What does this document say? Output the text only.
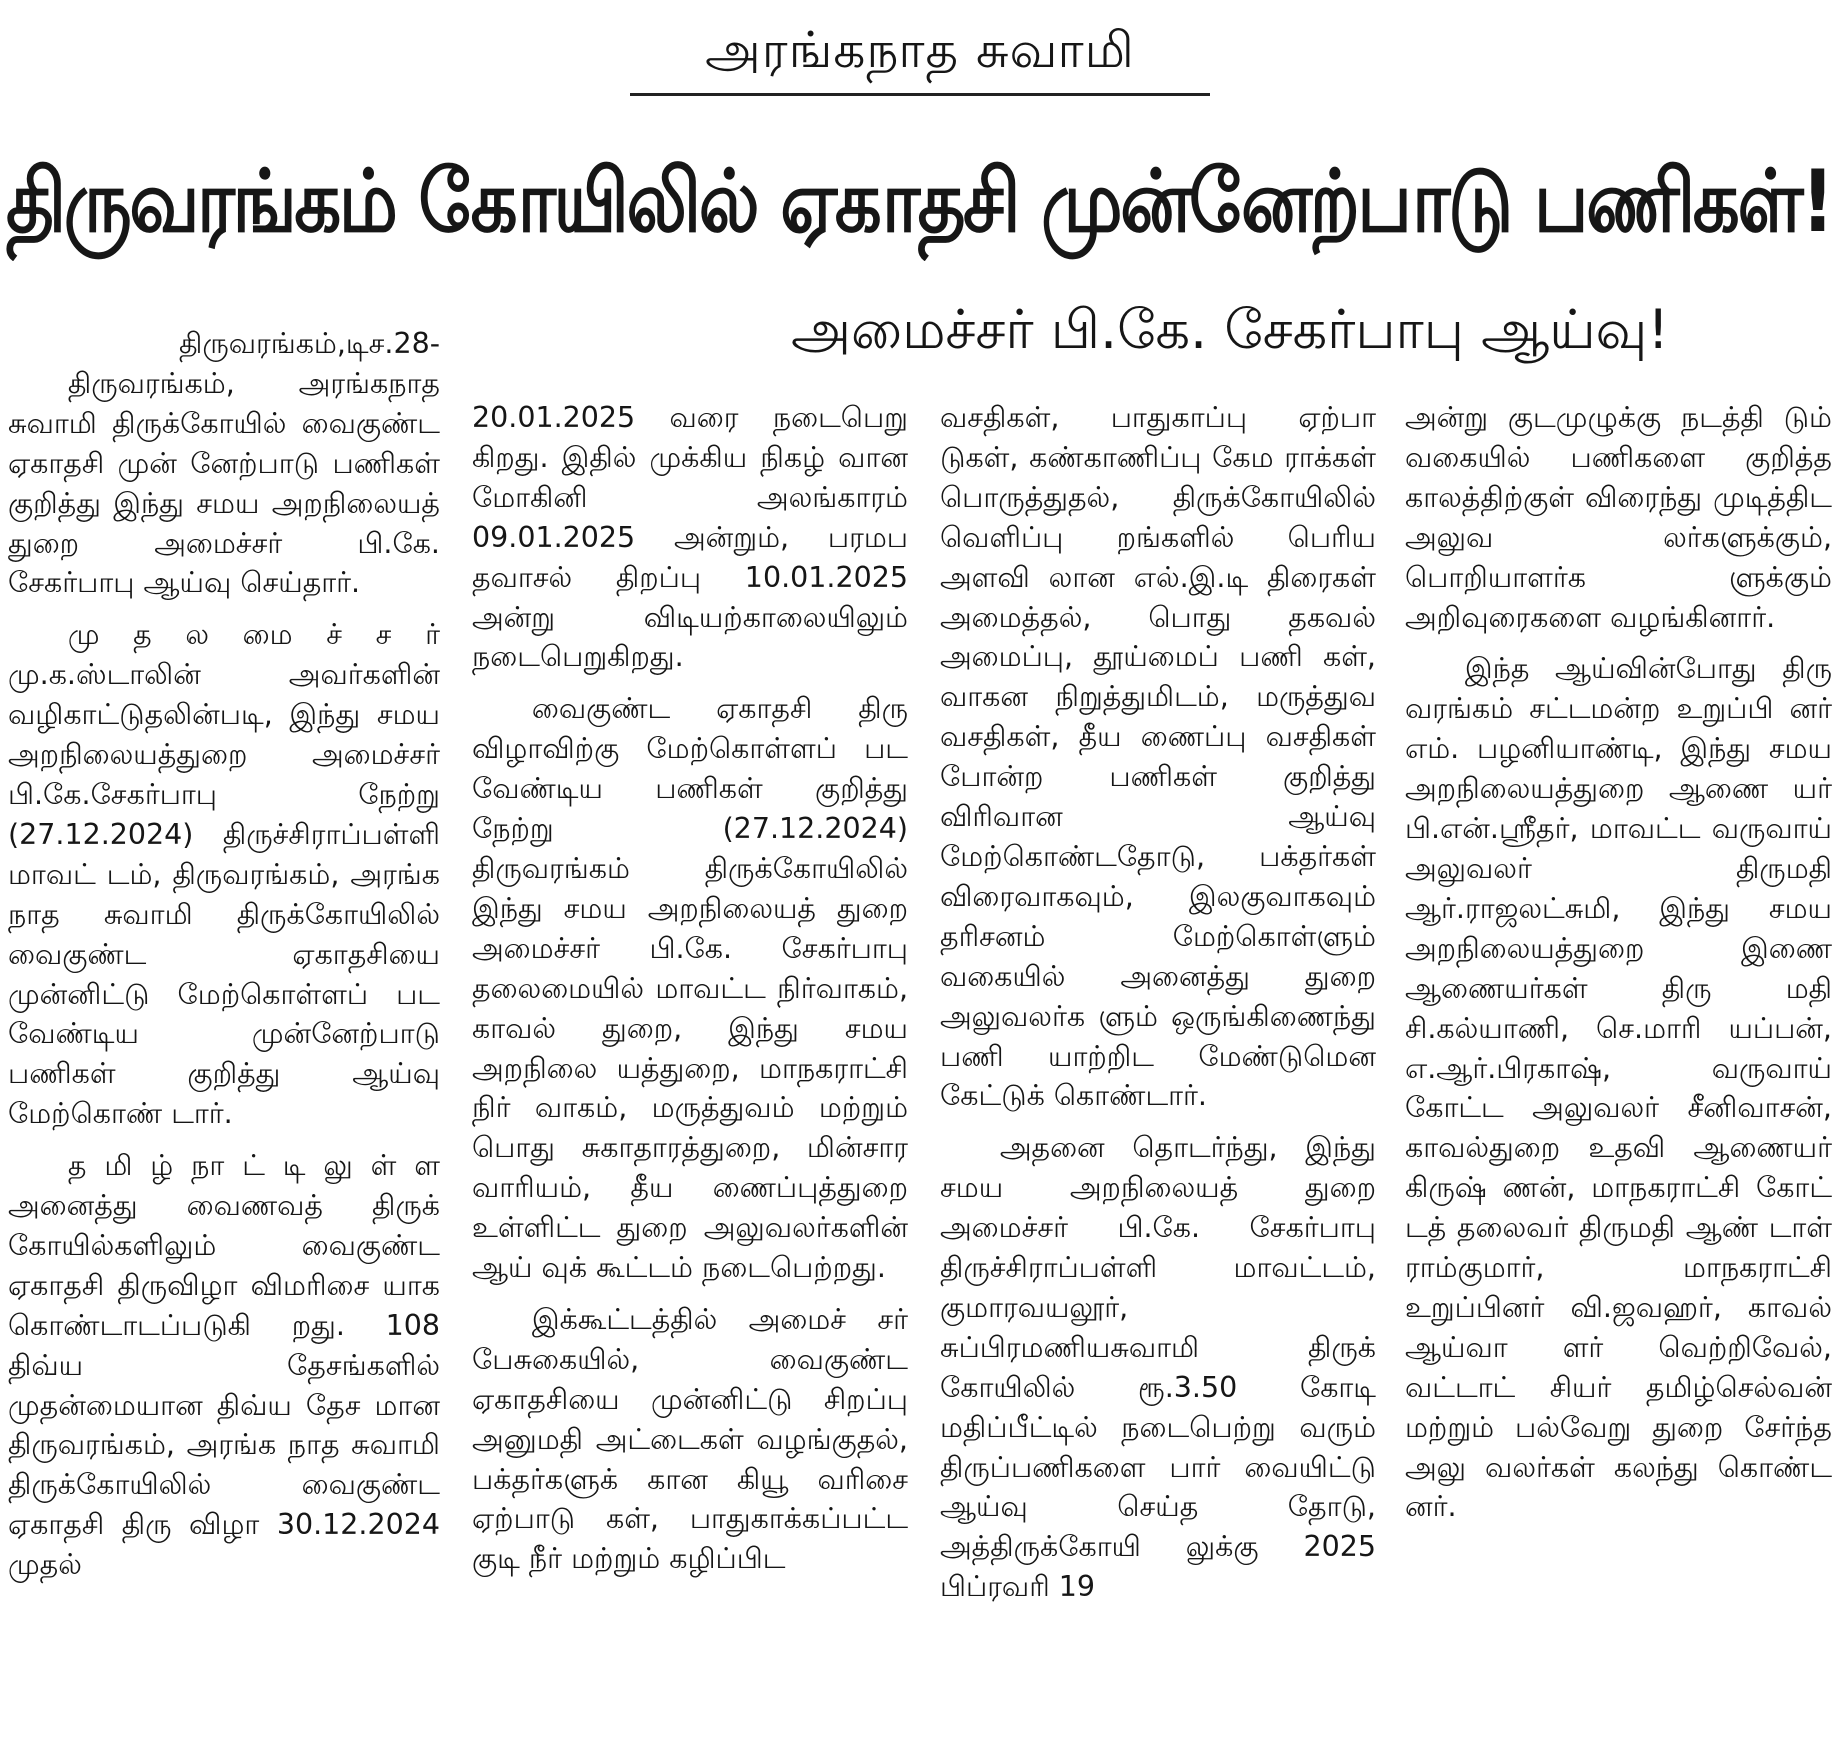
அரங்கநாத சுவாமி
திருவரங்கம் கோயிலில் ஏகாதசி முன்னேற்பாடு பணிகள்!
அமைச்சர் பி.கே. சேகர்பாபு ஆய்வு!

திருவரங்கம்,டிச.28-

திருவரங்கம், அரங்கநாத சுவாமி திருக்கோயில் வைகுண்ட ஏகாதசி முன் னேற்பாடு பணிகள் குறித்து இந்து சமய அறநிலையத் துறை அமைச்சர் பி.கே. சேகர்பாபு ஆய்வு செய்தார்.

மு த ல மை ச் ச ர் மு.க.ஸ்டாலின் அவர்களின் வழிகாட்டுதலின்படி, இந்து சமய அறநிலையத்துறை அமைச்சர் பி.கே.சேகர்பாபு நேற்று (27.12.2024) திருச்சிராப்பள்ளி மாவட் டம், திருவரங்கம், அரங்க நாத சுவாமி திருக்கோயிலில் வைகுண்ட ஏகாதசியை முன்னிட்டு மேற்கொள்ளப் பட வேண்டிய முன்னேற்பாடு பணிகள் குறித்து ஆய்வு மேற்கொண் டார்.

த மி ழ் நா ட் டி லு ள் ள அனைத்து வைணவத் திருக் கோயில்களிலும் வைகுண்ட ஏகாதசி திருவிழா விமரிசை யாக கொண்டாடப்படுகி றது. 108 திவ்ய தேசங்களில் முதன்மையான திவ்ய தேச மான திருவரங்கம், அரங்க நாத சுவாமி திருக்கோயிலில் வைகுண்ட ஏகாதசி திரு விழா 30.12.2024 முதல்

20.01.2025 வரை நடைபெறு கிறது. இதில் முக்கிய நிகழ் வான மோகினி அலங்காரம் 09.01.2025 அன்றும், பரமப தவாசல் திறப்பு 10.01.2025 அன்று விடியற்காலையிலும் நடைபெறுகிறது.

வைகுண்ட ஏகாதசி திரு விழாவிற்கு மேற்கொள்ளப் பட வேண்டிய பணிகள் குறித்து நேற்று (27.12.2024) திருவரங்கம் திருக்கோயிலில் இந்து சமய அறநிலையத் துறை அமைச்சர் பி.கே. சேகர்பாபு தலைமையில் மாவட்ட நிர்வாகம், காவல் துறை, இந்து சமய அறநிலை யத்துறை, மாநகராட்சி நிர் வாகம், மருத்துவம் மற்றும் பொது சுகாதாரத்துறை, மின்சார வாரியம், தீய ணைப்புத்துறை உள்ளிட்ட துறை அலுவலர்களின் ஆய் வுக் கூட்டம் நடைபெற்றது.

இக்கூட்டத்தில் அமைச் சர் பேசுகையில், வைகுண்ட ஏகாதசியை முன்னிட்டு சிறப்பு அனுமதி அட்டைகள் வழங்குதல், பக்தர்களுக் கான கியூ வரிசை ஏற்பாடு கள், பாதுகாக்கப்பட்ட குடி நீர் மற்றும் கழிப்பிட

வசதிகள், பாதுகாப்பு ஏற்பா டுகள், கண்காணிப்பு கேம ராக்கள் பொருத்துதல், திருக்கோயிலில் வெளிப்பு றங்களில் பெரிய அளவி லான எல்.இ.டி திரைகள் அமைத்தல், பொது தகவல் அமைப்பு, தூய்மைப் பணி கள், வாகன நிறுத்துமிடம், மருத்துவ வசதிகள், தீய ணைப்பு வசதிகள் போன்ற பணிகள் குறித்து விரிவான ஆய்வு மேற்கொண்டதோடு, பக்தர்கள் விரைவாகவும், இலகுவாகவும் தரிசனம் மேற்கொள்ளும் வகையில் அனைத்து துறை அலுவலர்க ளும் ஒருங்கிணைந்து பணி யாற்றிட மேண்டுமென கேட்டுக் கொண்டார்.

அதனை தொடர்ந்து, இந்து சமய அறநிலையத் துறை அமைச்சர் பி.கே. சேகர்பாபு திருச்சிராப்பள்ளி மாவட்டம், குமாரவயலூர், சுப்பிரமணியசுவாமி திருக் கோயிலில் ரூ.3.50 கோடி மதிப்பீட்டில் நடைபெற்று வரும் திருப்பணிகளை பார் வையிட்டு ஆய்வு செய்த தோடு, அத்திருக்கோயி லுக்கு 2025 பிப்ரவரி 19

அன்று குடமுழுக்கு நடத்தி டும் வகையில் பணிகளை குறித்த காலத்திற்குள் விரைந்து முடித்திட அலுவ லர்களுக்கும், பொறியாளர்க ளுக்கும் அறிவுரைகளை வழங்கினார்.

இந்த ஆய்வின்போது திரு வரங்கம் சட்டமன்ற உறுப்பி னர் எம். பழனியாண்டி, இந்து சமய அறநிலையத்துறை ஆணை யர் பி.என்.ஸ்ரீதர், மாவட்ட வருவாய் அலுவலர் திருமதி ஆர்.ராஜலட்சுமி, இந்து சமய அறநிலையத்துறை இணை ஆணையர்கள் திரு மதி சி.கல்யாணி, செ.மாரி யப்பன், எ.ஆர்.பிரகாஷ், வருவாய் கோட்ட அலுவலர் சீனிவாசன், காவல்துறை உதவி ஆணையர் கிருஷ் ணன், மாநகராட்சி கோட் டத் தலைவர் திருமதி ஆண் டாள் ராம்குமார், மாநகராட்சி உறுப்பினர் வி.ஜவஹர், காவல் ஆய்வா ளர் வெற்றிவேல், வட்டாட் சியர் தமிழ்செல்வன் மற்றும் பல்வேறு துறை சேர்ந்த அலு வலர்கள் கலந்து கொண்ட னர்.
